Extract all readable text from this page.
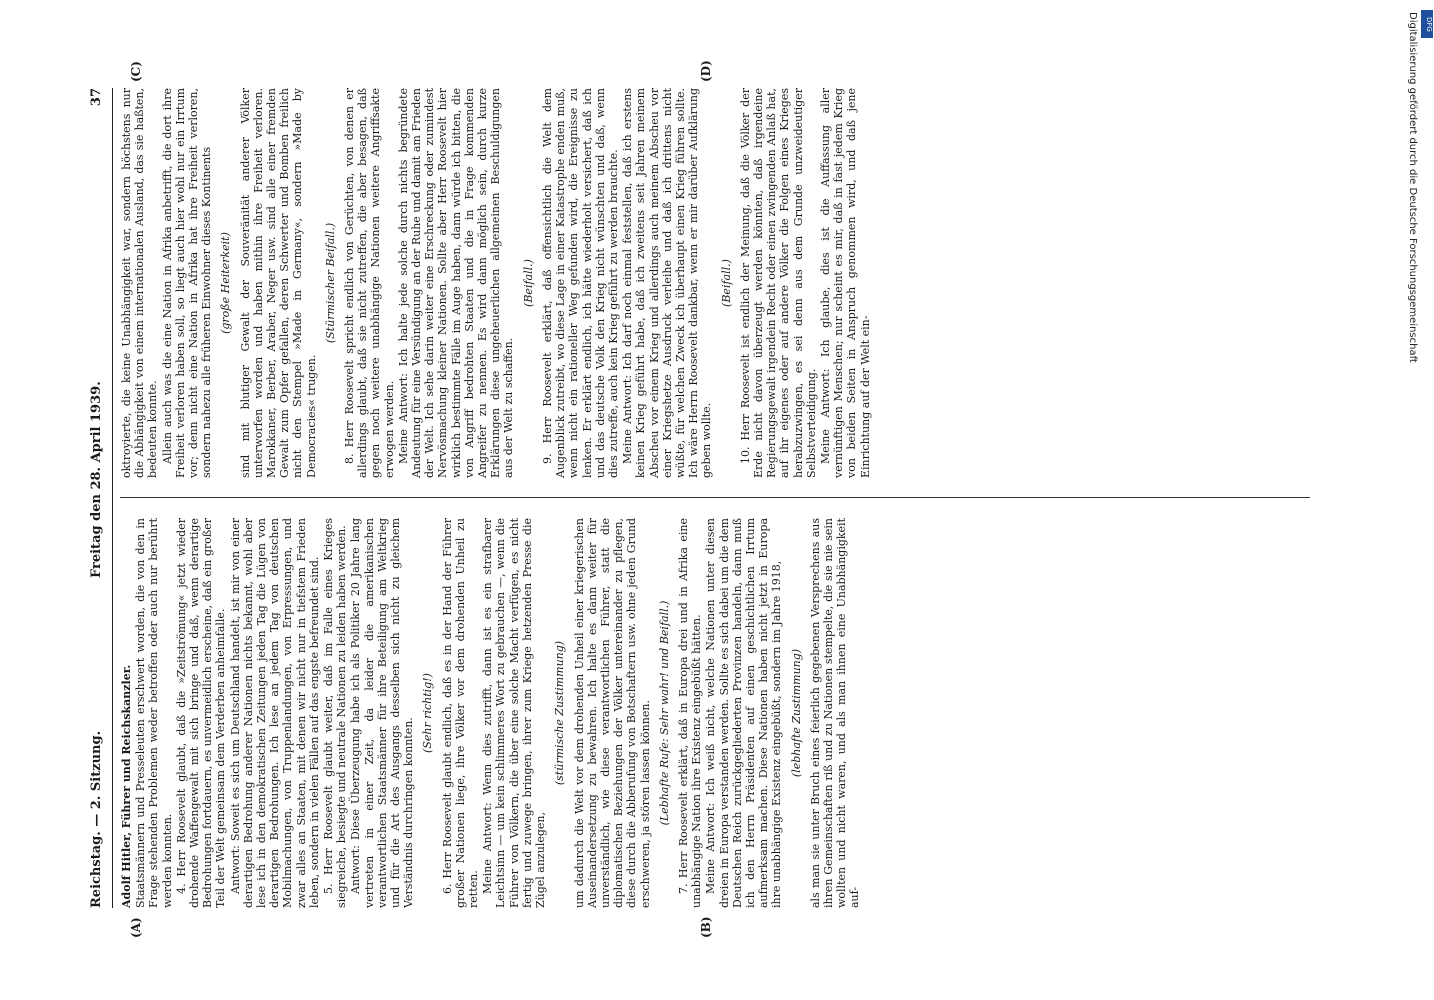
Reichstag. — 2. Sitzung.
Freitag den 28. April 1939.
37
(A)	(B)
(C)	(D)

Adolf Hitler, Führer und Reichskanzler. Staatsmännern und Presseleuten erschwert worden, die von den in Frage stehenden Problemen weder betroffen oder auch nur berührt werden konnten. 4. Herr Roosevelt glaubt, daß die »Zeitströmung« jetzt wieder drohende Waffengewalt mit sich bringe und daß, wenn derartige Bedrohungen fortdauern, es unvermeidlich erscheine, daß ein großer Teil der Welt gemeinsam dem Verderben anheimfalle. Antwort: Soweit es sich um Deutschland handelt, ist mir von einer derartigen Bedrohung anderer Nationen nichts bekannt, wohl aber lese ich in den demokratischen Zeitungen jeden Tag die Lügen von derartigen Bedrohungen. Ich lese an jedem Tag von deutschen Mobilmachungen, von Truppenlandungen, von Erpressungen, und zwar alles an Staaten, mit denen wir nicht nur in tiefstem Frieden leben, sondern in vielen Fällen auf das engste befreundet sind. 5. Herr Roosevelt glaubt weiter, daß im Falle eines Krieges siegreiche, besiegte und neutrale Nationen zu leiden haben werden. Antwort: Diese Überzeugung habe ich als Politiker 20 Jahre lang vertreten in einer Zeit, da leider die amerikanischen verantwortlichen Staatsmänner für ihre Beteiligung am Weltkrieg und für die Art des Ausgangs desselben sich nicht zu gleichem Verständnis durchringen konnten.

(Sehr richtig!) 6. Herr Roosevelt glaubt endlich, daß es in der Hand der Führer großer Nationen liege, ihre Völker vor dem drohenden Unheil zu retten. Meine Antwort: Wenn dies zutrifft, dann ist es ein strafbarer Leichtsinn — um kein schlimmeres Wort zu gebrauchen —, wenn die Führer von Völkern, die über eine solche Macht verfügen, es nicht fertig und zuwege bringen, ihrer zum Kriege hetzenden Presse die Zügel anzulegen,

(stürmische Zustimmung) um dadurch die Welt vor dem drohenden Unheil einer kriegerischen Auseinandersetzung zu bewahren. Ich halte es dann weiter für unverständlich, wie diese verantwortlichen Führer, statt die diplomatischen Beziehungen der Völker untereinander zu pflegen, diese durch die Abberufung von Botschaftern usw. ohne jeden Grund erschweren, ja stören lassen können. (Lebhafte Rufe: Sehr wahr! und Beifall.) 7. Herr Roosevelt erklärt, daß in Europa drei und in Afrika eine unabhängige Nation ihre Existenz eingebüßt hätten. Meine Antwort: Ich weiß nicht, welche Nationen unter diesen dreien in Europa verstanden werden. Sollte es sich dabei um die dem Deutschen Reich zurückgegliederten Provinzen handeln, dann muß ich den Herrn Präsidenten auf einen geschichtlichen Irrtum aufmerksam machen. Diese Nationen haben nicht jetzt in Europa ihre unabhängige Existenz eingebüßt, sondern im Jahre 1918, (lebhafte Zustimmung) als man sie unter Bruch eines feierlich gegebenen Versprechens aus ihren Gemeinschaften riß und zu Nationen stempelte, die sie nie sein wollten und nicht waren, und als man ihnen eine Unabhängigkeit auf-

oktroyierte, die keine Unabhängigkeit war, sondern höchstens nur die Abhängigkeit von einem internationalen Ausland, das sie haßten, bedeuten konnte. Allein auch was die eine Nation in Afrika anbetrifft, die dort ihre Freiheit verloren haben soll, so liegt auch hier wohl nur ein Irrtum vor; denn nicht eine Nation in Afrika hat ihre Freiheit verloren, sondern nahezu alle früheren Einwohner dieses Kontinents (große Heiterkeit) sind mit blutiger Gewalt der Souveränität anderer Völker unterworfen worden und haben mithin ihre Freiheit verloren. Marokkaner, Berber, Araber, Neger usw. sind alle einer fremden Gewalt zum Opfer gefallen, deren Schwerter und Bomben freilich nicht den Stempel »Made in Germany«, sondern »Made by Democracies« trugen.

(Stürmischer Beifall.) 8. Herr Roosevelt spricht endlich von Gerüchten, von denen er allerdings glaubt, daß sie nicht zutreffen, die aber besagen, daß gegen noch weitere unabhängige Nationen weitere Angriffsakte erwogen werden. Meine Antwort: Ich halte jede solche durch nichts begründete Andeutung für eine Versündigung an der Ruhe und damit am Frieden der Welt. Ich sehe darin weiter eine Erschreckung oder zumindest Nervösmachung kleiner Nationen. Sollte aber Herr Roosevelt hier wirklich bestimmte Fälle im Auge haben, dann würde ich bitten, die von Angriff bedrohten Staaten und die in Frage kommenden Angreifer zu nennen. Es wird dann möglich sein, durch kurze Erklärungen diese ungeheuerlichen allgemeinen Beschuldigungen aus der Welt zu schaffen.

(Beifall.) 9. Herr Roosevelt erklärt, daß offensichtlich die Welt dem Augenblick zutreibt, wo diese Lage in einer Katastrophe enden muß, wenn nicht ein rationeller Weg gefunden wird, die Ereignisse zu lenken. Er erklärt endlich, ich hätte wiederholt versichert, daß ich und das deutsche Volk den Krieg nicht wünschten und daß, wenn dies zutreffe, auch kein Krieg geführt zu werden brauchte. Meine Antwort: Ich darf noch einmal feststellen, daß ich erstens keinen Krieg geführt habe, daß ich zweitens seit Jahren meinem Abscheu vor einem Krieg und allerdings auch meinem Abscheu vor einer Kriegshetze Ausdruck verleihe und daß ich drittens nicht wüßte, für welchen Zweck ich überhaupt einen Krieg führen sollte. Ich wäre Herrn Roosevelt dankbar, wenn er mir darüber Aufklärung geben wollte.

(Beifall.) 10. Herr Roosevelt ist endlich der Meinung, daß die Völker der Erde nicht davon überzeugt werden könnten, daß irgendeine Regierungsgewalt irgendein Recht oder einen zwingenden Anlaß hat, auf ihr eigenes oder auf andere Völker die Folgen eines Krieges herabzuzwingen, es sei denn aus dem Grunde unzweideutiger Selbstverteidigung. Meine Antwort: Ich glaube, dies ist die Auffassung aller vernünftigen Menschen; nur scheint es mir, daß in fast jedem Krieg von beiden Seiten in Anspruch genommen wird, und daß jene Einrichtung auf der Welt ein-

DFG
Digitalisierung gefördert durch die Deutsche Forschungsgemeinschaft
